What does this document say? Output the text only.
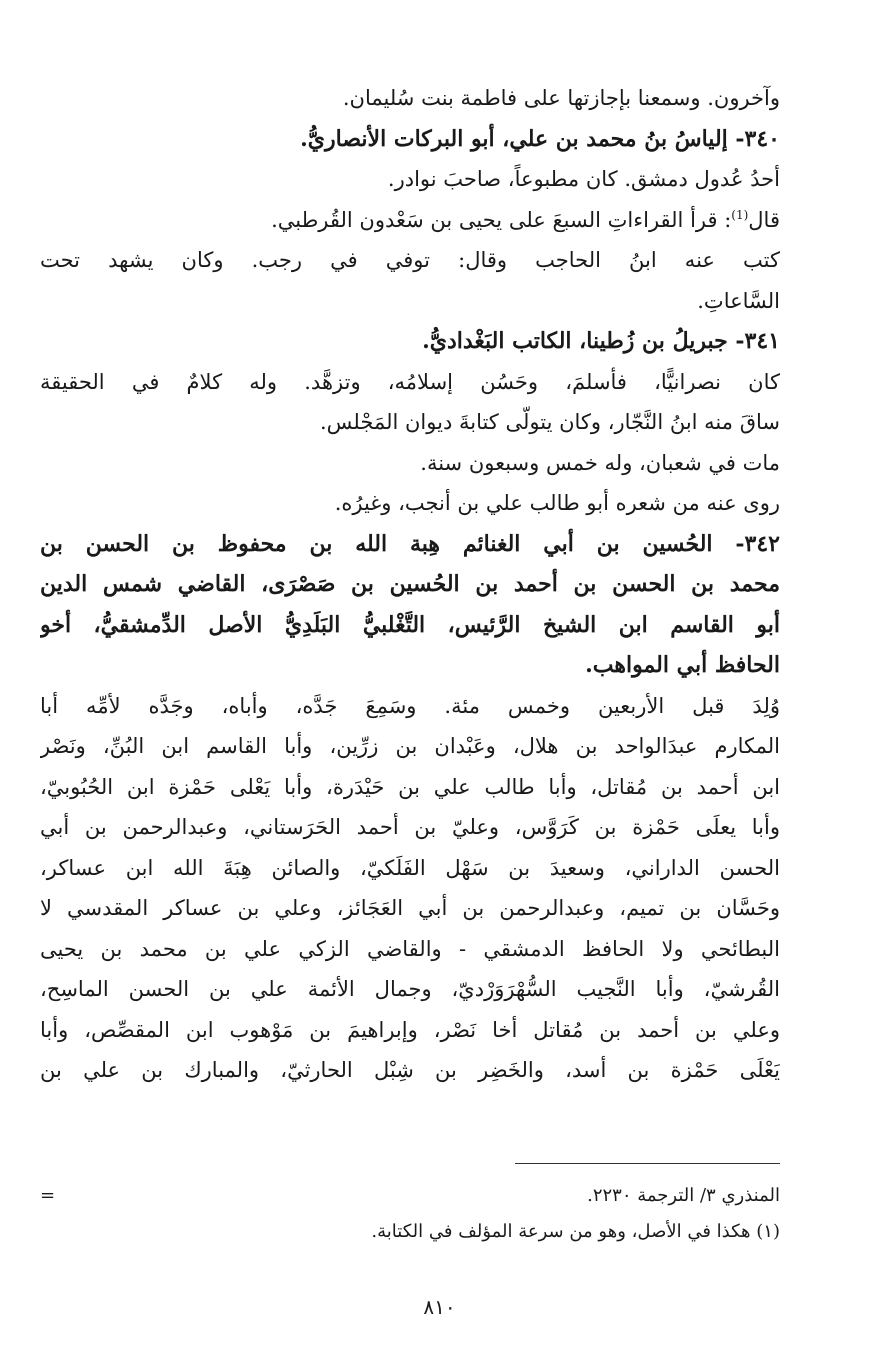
وآخرون. وسمعنا بإجازتها على فاطمة بنت سُليمان.
٣٤٠- إلياسُ بنُ محمد بن علي، أبو البركات الأنصاريُّ.
أحدُ عُدول دمشق. كان مطبوعاً، صاحبَ نوادر.
قال$^{(1)}$: قرأ القراءاتِ السبعَ على يحيى بن سَعْدون القُرطبي.
كتب عنه ابنُ الحاجب وقال: توفي في رجب. وكان يشهد تحت
السَّاعاتِ.
٣٤١- جبريلُ بن زُطينا، الكاتب البَغْداديُّ.
كان نصرانيًّا، فأسلمَ، وحَسُن إسلامُه، وتزهَّد. وله كلامٌ في الحقيقة
ساقَ منه ابنُ النَّجّار، وكان يتولّى كتابةَ ديوان المَجْلس.
مات في شعبان، وله خمس وسبعون سنة.
روى عنه من شعره أبو طالب علي بن أنجب، وغيرُه.
٣٤٢- الحُسين بن أبي الغنائم هِبة الله بن محفوظ بن الحسن بن
محمد بن الحسن بن أحمد بن الحُسين بن صَصْرَى، القاضي شمس الدين
أبو القاسم ابن الشيخ الرَّئيس، التَّغْلبيُّ البَلَدِيُّ الأصل الدِّمشقيُّ، أخو
الحافظ أبي المواهب.
وُلِدَ قبل الأربعين وخمس مئة. وسَمِعَ جَدَّه، وأباه، وجَدَّه لأمِّه أبا
المكارم عبدَالواحد بن هلال، وعَبْدان بن زرِّين، وأبا القاسم ابن البُنِّ، ونَصْر
ابن أحمد بن مُقاتل، وأبا طالب علي بن حَيْدَرة، وأبا يَعْلى حَمْزة ابن الحُبُوبيّ،
وأبا يعلَى حَمْزة بن كَرَوَّس، وعليّ بن أحمد الحَرَستاني، وعبدالرحمن بن أبي
الحسن الداراني، وسعيدَ بن سَهْل الفَلَكيّ، والصائن هِبَةَ الله ابن عساكر،
وحَسَّان بن تميم، وعبدالرحمن بن أبي العَجَائز، وعلي بن عساكر المقدسي لا
البطائحي ولا الحافظ الدمشقي - والقاضي الزكي علي بن محمد بن يحيى
القُرشيّ، وأبا النَّجيب السُّهْرَوَرْديّ، وجمال الأئمة علي بن الحسن الماسِح،
وعلي بن أحمد بن مُقاتل أخا نَصْر، وإبراهيمَ بن مَوْهوب ابن المقصِّص، وأبا
يَعْلَى حَمْزة بن أسد، والخَضِر بن شِبْل الحارثيّ، والمبارك بن علي بن
المنذري ٣/ الترجمة ٢٢٣٠.
=
(١) هكذا في الأصل، وهو من سرعة المؤلف في الكتابة.
٨١٠
